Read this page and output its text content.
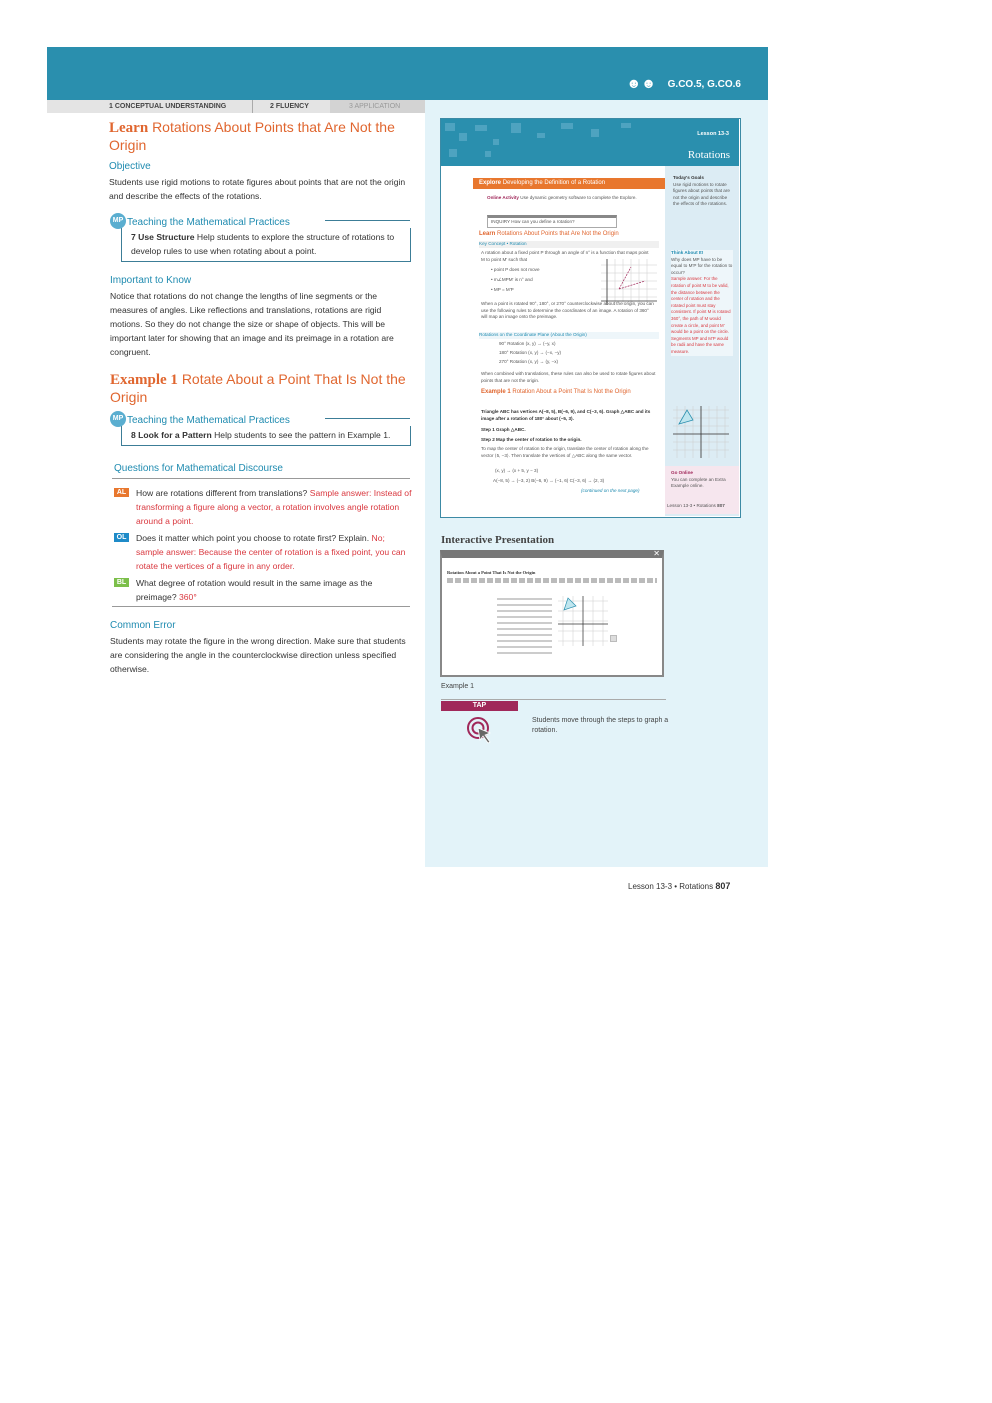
☻☻ G.CO.5, G.CO.6
1 CONCEPTUAL UNDERSTANDING	2 FLUENCY	3 APPLICATION
Learn Rotations About Points that Are Not the Origin
Objective
Students use rigid motions to rotate figures about points that are not the origin and describe the effects of the rotations.
MP Teaching the Mathematical Practices
7 Use Structure Help students to explore the structure of rotations to develop rules to use when rotating about a point.
Important to Know
Notice that rotations do not change the lengths of line segments or the measures of angles. Like reflections and translations, rotations are rigid motions. So they do not change the size or shape of objects. This will be important later for showing that an image and its preimage in a rotation are congruent.
Example 1 Rotate About a Point That Is Not the Origin
MP Teaching the Mathematical Practices
8 Look for a Pattern Help students to see the pattern in Example 1.
Questions for Mathematical Discourse
AL	How are rotations different from translations? Sample answer: Instead of transforming a figure along a vector, a rotation involves angle rotation around a point.
OL	Does it matter which point you choose to rotate first? Explain. No; sample answer: Because the center of rotation is a fixed point, you can rotate the vertices of a figure in any order.
BL	What degree of rotation would result in the same image as the preimage? 360°
Common Error
Students may rotate the figure in the wrong direction. Make sure that students are considering the angle in the counterclockwise direction unless specified otherwise.
Lesson 13-3
Rotations
Today's Goals
Use rigid motions to rotate figures about points that are not the origin and describe the effects of the rotations.
Think About It!
Why does MP have to be equal to M'P for the rotation to occur?
Sample answer: For the rotation of point M to be valid, the distance between the center of rotation and the rotated point must stay consistent. If point M is rotated 360°, the path of M would create a circle, and point M' would be a point on the circle. Segments MP and M'P would be radii and have the same measure.
Go Online
You can complete an Extra Example online.
Explore Developing the Definition of a Rotation
Online Activity Use dynamic geometry software to complete the Explore.
INQUIRY How can you define a rotation?
Learn Rotations About Points that Are Not the Origin
Key Concept • Rotation
A rotation about a fixed point P through an angle of n° is a function that maps point M to point M' such that
• point P does not move
• m∠MPM' is n° and
• MP = M'P
When a point is rotated 90°, 180°, or 270° counterclockwise about the origin, you can use the following rules to determine the coordinates of an image. A rotation of 360° will map an image onto the preimage.
Rotations on the Coordinate Plane (About the Origin)
90° Rotation (x, y) → (−y, x)
180° Rotation (x, y) → (−x, −y)
270° Rotation (x, y) → (y, −x)
When combined with translations, these rules can also be used to rotate figures about points that are not the origin.
Example 1 Rotation About a Point That Is Not the Origin
Triangle ABC has vertices A(−8, 5), B(−6, 9), and C(−3, 6). Graph △ABC and its image after a rotation of 180° about (−5, 3).
Step 1 Graph △ABC.
Step 2 Map the center of rotation to the origin.
To map the center of rotation to the origin, translate the center of rotation along the vector ⟨5, −3⟩. Then translate the vertices of △ABC along the same vector.
(x, y) → (x + 5, y − 3)
A(−8, 5) → (−3, 2) B(−6, 9) → (−1, 6) C(−3, 6) → (2, 3)
(continued on the next page)
Lesson 13-3 • Rotations 807
Interactive Presentation
✕
Rotation About a Point That Is Not the Origin
Example 1
TAP
Students move through the steps to graph a rotation.
Lesson 13-3 • Rotations 807
